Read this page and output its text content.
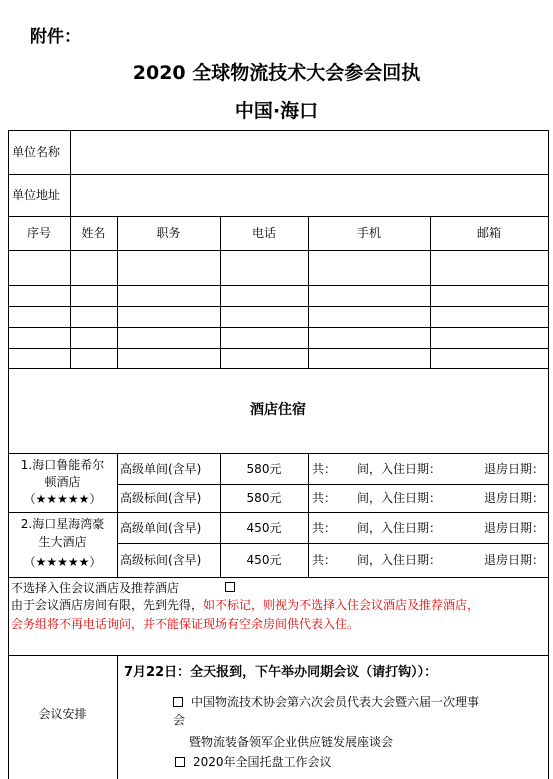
附件：
2020 全球物流技术大会参会回执
中国·海口
单位名称
单位地址
序号	姓名	职务	电话	手机	邮箱
酒店住宿
1.海口鲁能希尔
顿酒店
（★★★★★）
高级单间(含早)	580元	共： 间，入住日期：	退房日期：
高级标间(含早)	580元	共： 间，入住日期：	退房日期：
2.海口星海湾豪
生大酒店
（★★★★★）
高级单间(含早)	450元	共： 间，入住日期：	退房日期：
高级标间(含早)	450元	共： 间，入住日期：	退房日期：
不选择入住会议酒店及推荐酒店
由于会议酒店房间有限，先到先得，如不标记，则视为不选择入住会议酒店及推荐酒店，
会务组将不再电话询问，并不能保证现场有空余房间供代表入住。
会议安排
7月22日：全天报到，下午举办同期会议（请打钩））：
中国物流技术协会第六次会员代表大会暨六届一次理事
会
暨物流装备领军企业供应链发展座谈会
2020年全国托盘工作会议
